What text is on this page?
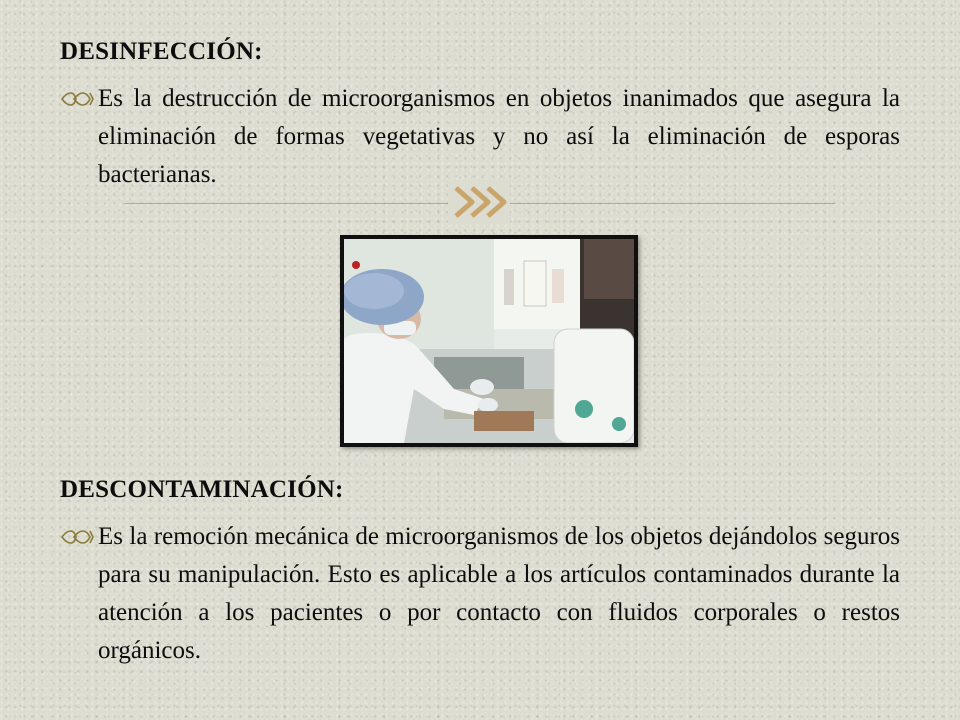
DESINFECCIÓN:
Es la destrucción de microorganismos en objetos inanimados que asegura la eliminación de formas vegetativas y no así la eliminación de esporas bacterianas.
DESCONTAMINACIÓN:
Es la remoción mecánica de microorganismos de los objetos dejándolos seguros para su manipulación. Esto es aplicable a los artículos contaminados durante la atención a los pacientes o por contacto con fluidos corporales o restos orgánicos.
